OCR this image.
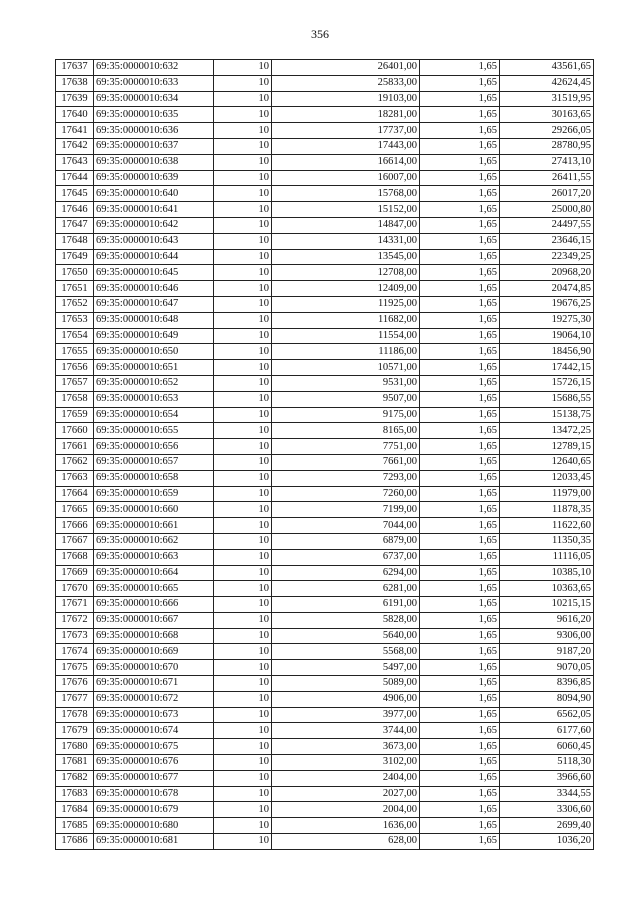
356
17637	69:35:0000010:632	10	26401,00	1,65	43561,65
17638	69:35:0000010:633	10	25833,00	1,65	42624,45
17639	69:35:0000010:634	10	19103,00	1,65	31519,95
17640	69:35:0000010:635	10	18281,00	1,65	30163,65
17641	69:35:0000010:636	10	17737,00	1,65	29266,05
17642	69:35:0000010:637	10	17443,00	1,65	28780,95
17643	69:35:0000010:638	10	16614,00	1,65	27413,10
17644	69:35:0000010:639	10	16007,00	1,65	26411,55
17645	69:35:0000010:640	10	15768,00	1,65	26017,20
17646	69:35:0000010:641	10	15152,00	1,65	25000,80
17647	69:35:0000010:642	10	14847,00	1,65	24497,55
17648	69:35:0000010:643	10	14331,00	1,65	23646,15
17649	69:35:0000010:644	10	13545,00	1,65	22349,25
17650	69:35:0000010:645	10	12708,00	1,65	20968,20
17651	69:35:0000010:646	10	12409,00	1,65	20474,85
17652	69:35:0000010:647	10	11925,00	1,65	19676,25
17653	69:35:0000010:648	10	11682,00	1,65	19275,30
17654	69:35:0000010:649	10	11554,00	1,65	19064,10
17655	69:35:0000010:650	10	11186,00	1,65	18456,90
17656	69:35:0000010:651	10	10571,00	1,65	17442,15
17657	69:35:0000010:652	10	9531,00	1,65	15726,15
17658	69:35:0000010:653	10	9507,00	1,65	15686,55
17659	69:35:0000010:654	10	9175,00	1,65	15138,75
17660	69:35:0000010:655	10	8165,00	1,65	13472,25
17661	69:35:0000010:656	10	7751,00	1,65	12789,15
17662	69:35:0000010:657	10	7661,00	1,65	12640,65
17663	69:35:0000010:658	10	7293,00	1,65	12033,45
17664	69:35:0000010:659	10	7260,00	1,65	11979,00
17665	69:35:0000010:660	10	7199,00	1,65	11878,35
17666	69:35:0000010:661	10	7044,00	1,65	11622,60
17667	69:35:0000010:662	10	6879,00	1,65	11350,35
17668	69:35:0000010:663	10	6737,00	1,65	11116,05
17669	69:35:0000010:664	10	6294,00	1,65	10385,10
17670	69:35:0000010:665	10	6281,00	1,65	10363,65
17671	69:35:0000010:666	10	6191,00	1,65	10215,15
17672	69:35:0000010:667	10	5828,00	1,65	9616,20
17673	69:35:0000010:668	10	5640,00	1,65	9306,00
17674	69:35:0000010:669	10	5568,00	1,65	9187,20
17675	69:35:0000010:670	10	5497,00	1,65	9070,05
17676	69:35:0000010:671	10	5089,00	1,65	8396,85
17677	69:35:0000010:672	10	4906,00	1,65	8094,90
17678	69:35:0000010:673	10	3977,00	1,65	6562,05
17679	69:35:0000010:674	10	3744,00	1,65	6177,60
17680	69:35:0000010:675	10	3673,00	1,65	6060,45
17681	69:35:0000010:676	10	3102,00	1,65	5118,30
17682	69:35:0000010:677	10	2404,00	1,65	3966,60
17683	69:35:0000010:678	10	2027,00	1,65	3344,55
17684	69:35:0000010:679	10	2004,00	1,65	3306,60
17685	69:35:0000010:680	10	1636,00	1,65	2699,40
17686	69:35:0000010:681	10	628,00	1,65	1036,20
